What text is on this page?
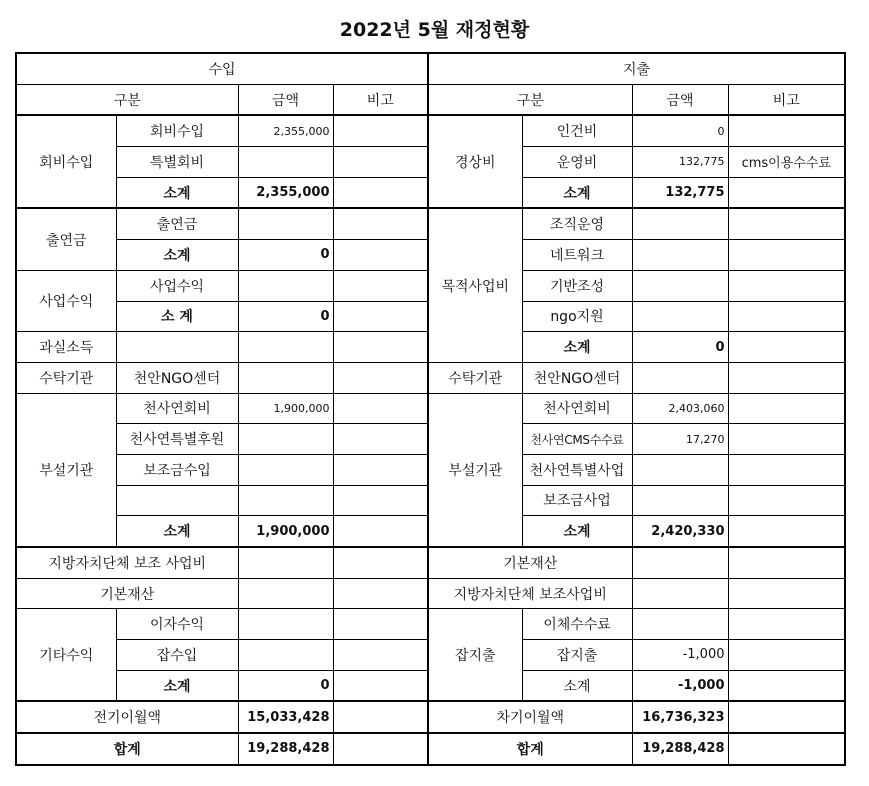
2022년 5월 재정현황
수입				지출			
구분		금액	비고	구분		금액	비고
회비수입	회비수입	2,355,000		경상비	인건비	0	
	특별회비				운영비	132,775	cms이용수수료
	소계	2,355,000			소계	132,775	
출연금	출연금			목적사업비	조직운영		
	소계	0			네트워크		
사업수익	사업수익				기반조성		
	소 계	0			ngo지원		
과실소득					소계	0	
수탁기관	천안NGO센터			수탁기관	천안NGO센터		
부설기관	천사연회비	1,900,000		부설기관	천사연회비	2,403,060	
	천사연특별후원				천사연CMS수수료	17,270	
	보조금수입				천사연특별사업		
					보조금사업		
	소계	1,900,000			소계	2,420,330	
지방자치단체 보조 사업비				기본재산			
기본재산				지방자치단체 보조사업비			
기타수익	이자수익			잡지출	이체수수료		
	잡수입				잡지출	-1,000	
	소계	0			소계	-1,000	
전기이월액		15,033,428		차기이월액		16,736,323	
합계		19,288,428		합계		19,288,428	
